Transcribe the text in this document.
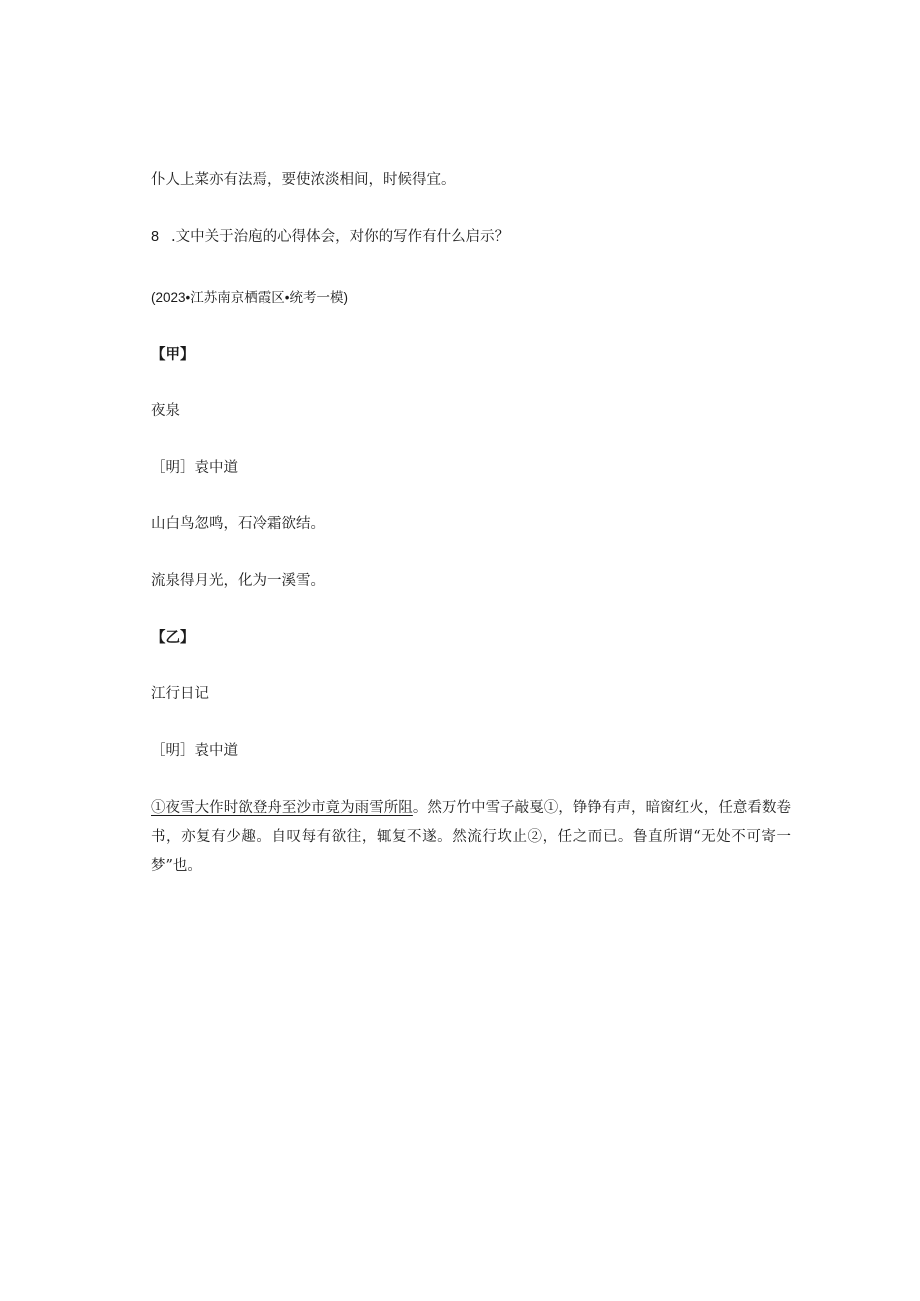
仆人上菜亦有法焉，要使浓淡相间，时候得宜。
8 .文中关于治庖的心得体会，对你的写作有什么启示？
(2023•江苏南京栖霞区•统考一模)
【甲】
夜泉
［明］袁中道
山白鸟忽鸣，石冷霜欲结。
流泉得月光，化为一溪雪。
【乙】
江行日记
［明］袁中道
①夜雪大作时欲登舟至沙市竟为雨雪所阻。然万竹中雪子敲戛①，铮铮有声，暗窗红火，任意看数卷书，亦复有少趣。自叹每有欲往，辄复不遂。然流行坎止②，任之而已。鲁直所谓“无处不可寄一梦”也。
